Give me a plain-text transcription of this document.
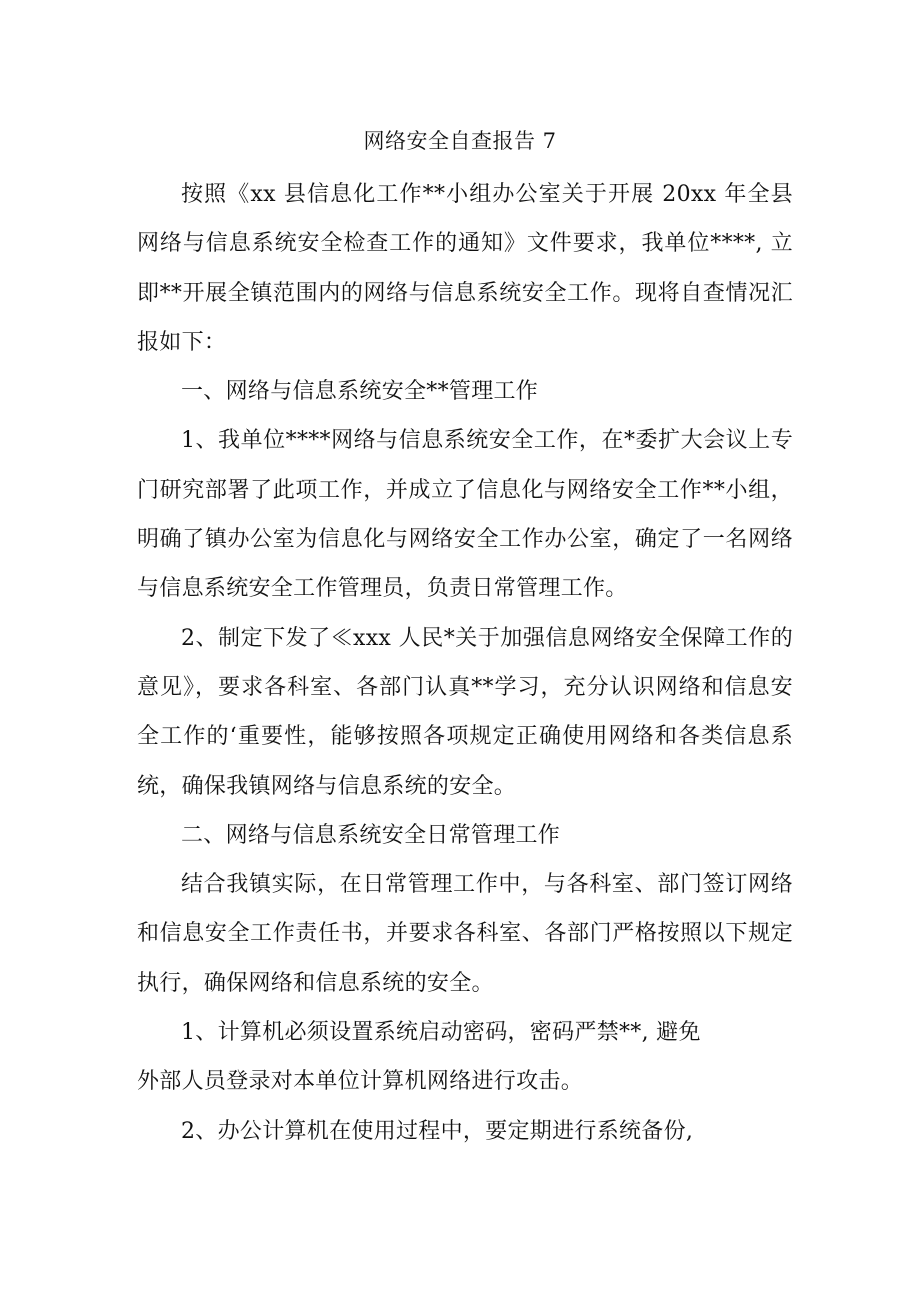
网络安全自查报告 7

按照《xx 县信息化工作**小组办公室关于开展 20xx 年全县网络与信息系统安全检查工作的通知》文件要求，我单位****, 立即**开展全镇范围内的网络与信息系统安全工作。现将自查情况汇报如下：

一、网络与信息系统安全**管理工作

1、我单位****网络与信息系统安全工作，在*委扩大会议上专门研究部署了此项工作，并成立了信息化与网络安全工作**小组，明确了镇办公室为信息化与网络安全工作办公室，确定了一名网络与信息系统安全工作管理员，负责日常管理工作。

2、制定下发了≪xxx 人民*关于加强信息网络安全保障工作的意见》，要求各科室、各部门认真**学习，充分认识网络和信息安全工作的‘重要性，能够按照各项规定正确使用网络和各类信息系统，确保我镇网络与信息系统的安全。

二、网络与信息系统安全日常管理工作

结合我镇实际，在日常管理工作中，与各科室、部门签订网络和信息安全工作责任书，并要求各科室、各部门严格按照以下规定执行，确保网络和信息系统的安全。

1、计算机必须设置系统启动密码，密码严禁**, 避免

外部人员登录对本单位计算机网络进行攻击。

2、办公计算机在使用过程中，要定期进行系统备份,
